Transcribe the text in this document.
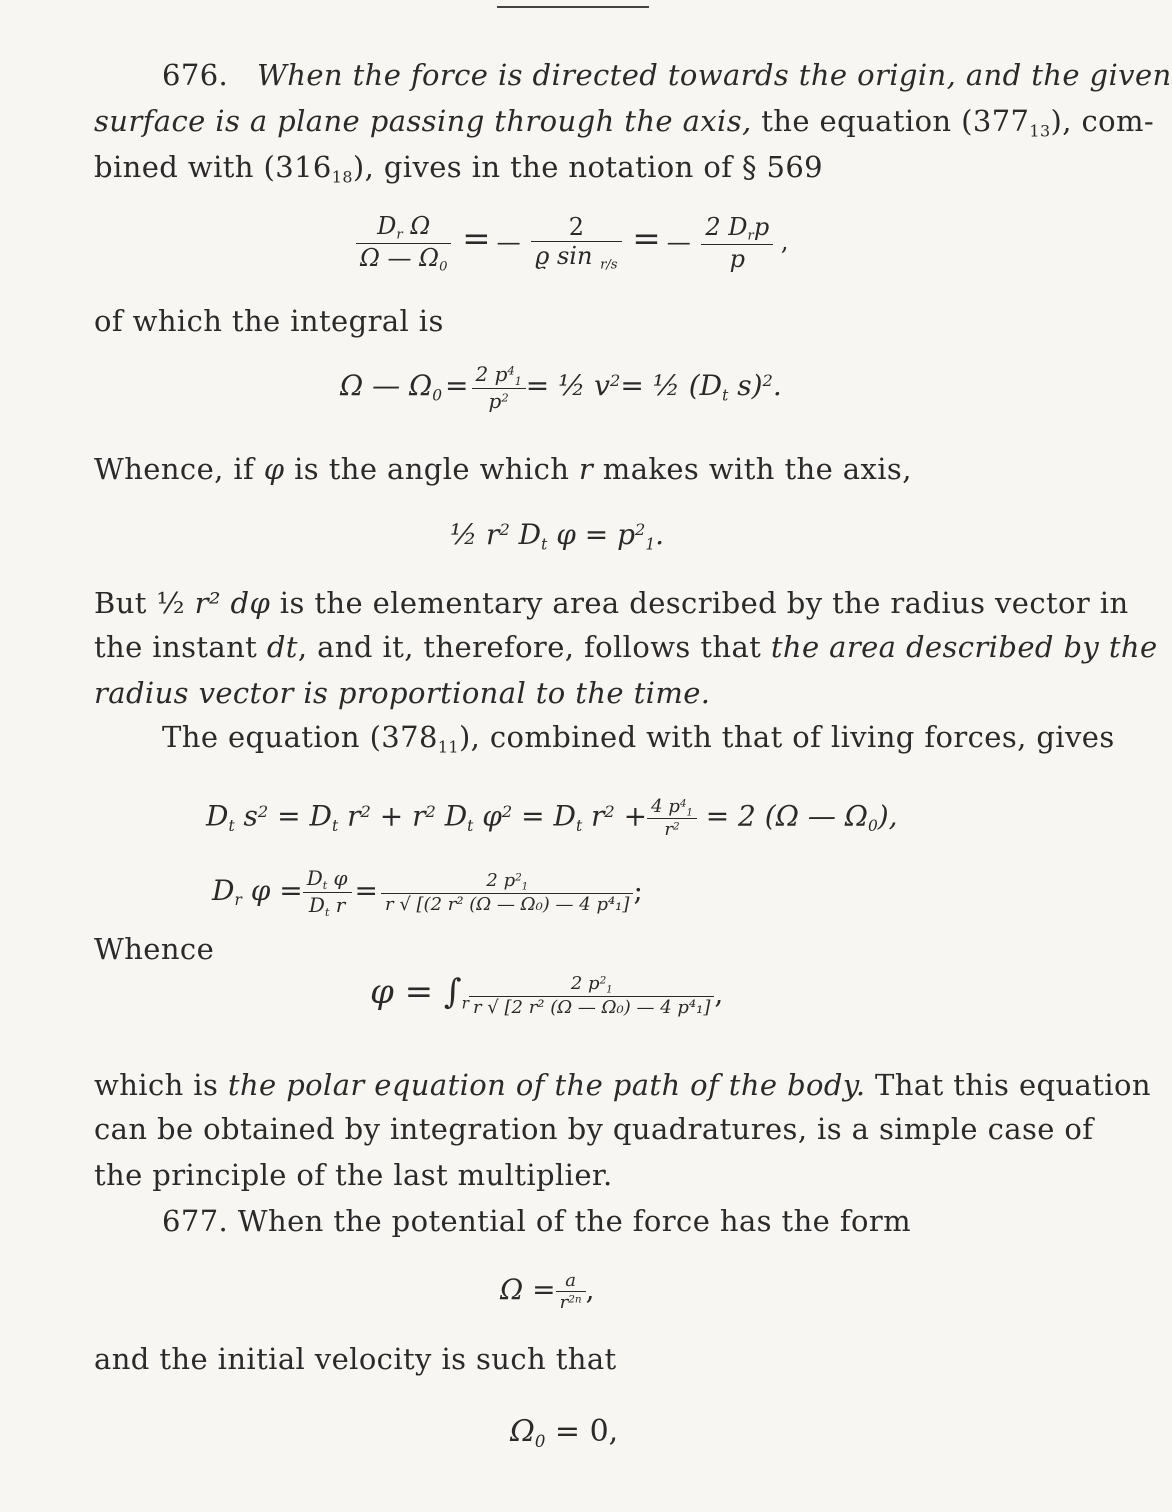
676. When the force is directed towards the origin, and the given
surface is a plane passing through the axis, the equation $(377_{13})$, com-
bined with $(316_{18})$, gives in the notation of § 569
$\frac{D_r \Omega}{\Omega — \Omega_0}$ = — $\frac{2}{ϱ \sin _{r/s}}$ = — $\frac{2 D_rp}{p}$ ,
of which the integral is
Ω — $\Omega_0 = \frac{2 p^4_1}{p^2}$ = ½ $v^2=$ ½ ($D_t$ s)$^2$.
Whence, if φ is the angle which r makes with the axis,
½ $r^2$ $D_t$ $\varphi = p^2_1$.
But ½ r² dφ is the elementary area described by the radius vector in
the instant dt, and it, therefore, follows that the area described by the
radius vector is proportional to the time.
The equation $(378_{11})$, combined with that of living forces, gives
$D_t$ $s^2 = D_t$ $r^2 + r^2$ $D_t$ $\varphi^2 = D_t$ $r^2 + \frac{4 p^4_1}{r^2} = 2$ (Ω — $\Omega_0$),
$D_r$ $\varphi = \frac{D_t \varphi}{D_t r} = \frac{2 p^2_1}{\text{r √ [(2 r² (Ω — Ω₀) — 4 p⁴₁]}}$ ;
Whence
$\varphi = \int_r \frac{2 p^2_1}{\text{r √ [2 r² (Ω — Ω₀) — 4 p⁴₁]}}$ ,
which is the polar equation of the path of the body. That this equation
can be obtained by integration by quadratures, is a simple case of
the principle of the last multiplier.
677. When the potential of the force has the form
$\Omega = \frac{a}{r^{2n}}$ ,
and the initial velocity is such that
$\Omega_0 = 0$,
